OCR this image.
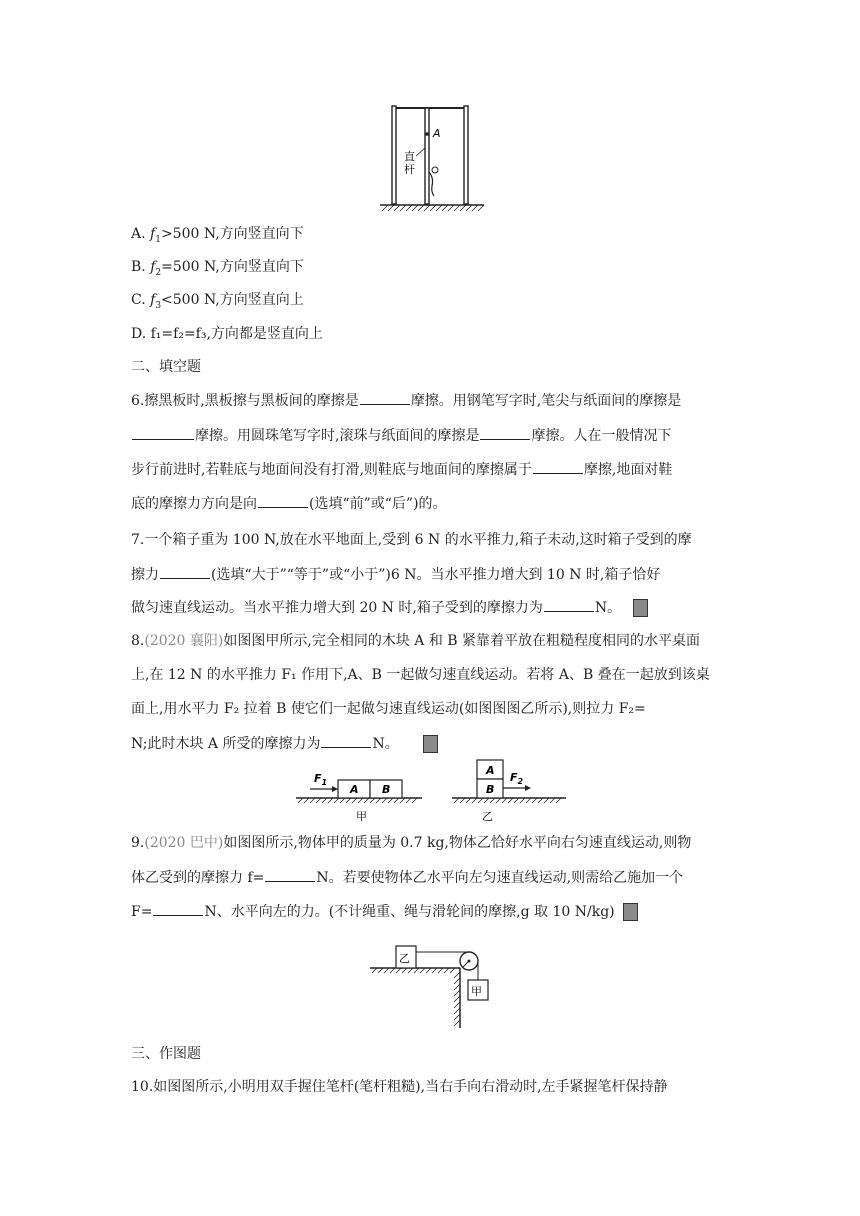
A
直
杆
A. $f_1>500$ N,方向竖直向下
B. $f_2=500$ N,方向竖直向下
C. $f_3<500$ N,方向竖直向上
D. f₁=f₂=f₃,方向都是竖直向上
二、填空题
6.擦黑板时,黑板擦与黑板间的摩擦是	摩擦。用钢笔写字时,笔尖与纸面间的摩擦是
摩擦。用圆珠笔写字时,滚珠与纸面间的摩擦是	摩擦。人在一般情况下
步行前进时,若鞋底与地面间没有打滑,则鞋底与地面间的摩擦属于	摩擦,地面对鞋
底的摩擦力方向是向	(选填“前”或“后”)的。
7.一个箱子重为 100 N,放在水平地面上,受到 6 N 的水平推力,箱子未动,这时箱子受到的摩
擦力	(选填“大于”“等于”或“小于”)6 N。当水平推力增大到 10 N 时,箱子恰好
做匀速直线运动。当水平推力增大到 20 N 时,箱子受到的摩擦力为	N。
8.(2020 襄阳)如图图甲所示,完全相同的木块 A 和 B 紧靠着平放在粗糙程度相同的水平桌面
上,在 12 N 的水平推力 F₁ 作用下,A、B 一起做匀速直线运动。若将 A、B 叠在一起放到该桌
面上,用水平力 F₂ 拉着 B 使它们一起做匀速直线运动(如图图图乙所示),则拉力 F₂=
N;此时木块 A 所受的摩擦力为	N。
A B
$F_1$
甲
A
B
$F_2$
乙
9.(2020 巴中)如图图所示,物体甲的质量为 0.7 kg,物体乙恰好水平向右匀速直线运动,则物
体乙受到的摩擦力 f=	N。若要使物体乙水平向左匀速直线运动,则需给乙施加一个
F=	N、水平向左的力。(不计绳重、绳与滑轮间的摩擦,g 取 10 N/kg)
乙
甲
三、作图题
10.如图图所示,小明用双手握住笔杆(笔杆粗糙),当右手向右滑动时,左手紧握笔杆保持静
